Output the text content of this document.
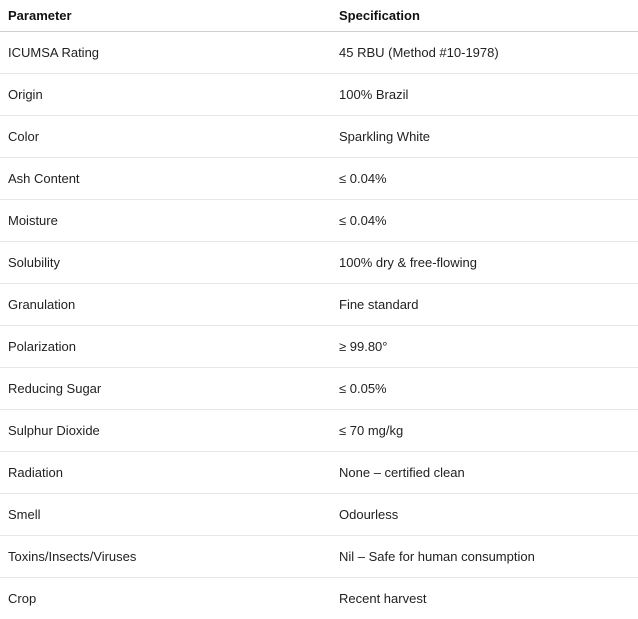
Parameter	Specification
ICUMSA Rating	45 RBU (Method #10-1978)
Origin	100% Brazil
Color	Sparkling White
Ash Content	≤ 0.04%
Moisture	≤ 0.04%
Solubility	100% dry & free-flowing
Granulation	Fine standard
Polarization	≥ 99.80°
Reducing Sugar	≤ 0.05%
Sulphur Dioxide	≤ 70 mg/kg
Radiation	None – certified clean
Smell	Odourless
Toxins/Insects/Viruses	Nil – Safe for human consumption
Crop	Recent harvest
